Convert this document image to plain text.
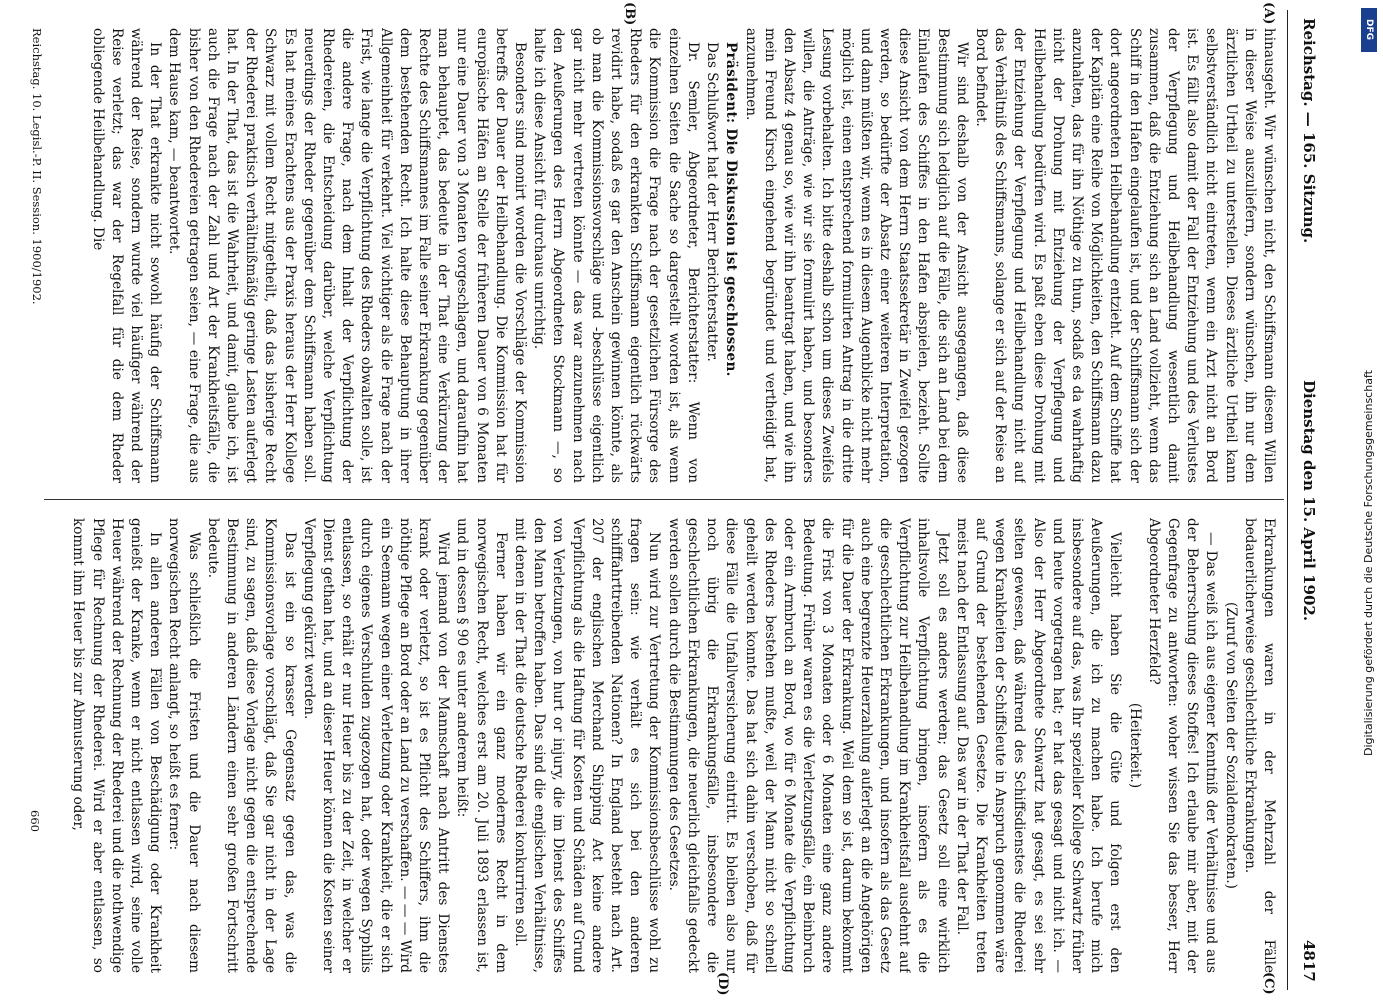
Reichstag. — 165. Sitzung.
Dienstag den 15. April 1902.
4817
(A)
(B)
(C)
(D)

hinausgeht. Wir wünschen nicht, den Schiffsmann diesem Willen in dieser Weise auszuliefern, sondern wünschen, ihn nur dem ärztlichen Urtheil zu unterstellen. Dieses ärztliche Urtheil kann selbstverständlich nicht eintreten, wenn ein Arzt nicht an Bord ist. Es fällt also damit der Fall der Entziehung und des Verlustes der Verpflegung und Heilbehandlung wesentlich damit zusammen, daß die Entziehung sich an Land vollzieht, wenn das Schiff in den Hafen eingelaufen ist, und der Schiffsmann sich der dort angeordneten Heilbehandlung entzieht. Auf dem Schiffe hat der Kapitän eine Reihe von Möglichkeiten, den Schiffsmann dazu anzuhalten, das für ihn Nöthige zu thun, sodaß es da wahrhaftig nicht der Drohung mit Entziehung der Verpflegung und Heilbehandlung bedürfen wird. Es paßt eben diese Drohung mit der Entziehung der Verpflegung und Heilbehandlung nicht auf das Verhältniß des Schiffsmanns, solange er sich auf der Reise an Bord befindet.

Wir sind deshalb von der Ansicht ausgegangen, daß diese Bestimmung sich lediglich auf die Fälle, die sich an Land bei dem Einlaufen des Schiffes in den Hafen abspielen, bezieht. Sollte diese Ansicht von dem Herrn Staatssekretär in Zweifel gezogen werden, so bedürfte der Absatz einer weiteren Interpretation, und dann müßten wir, wenn es in diesem Augenblicke nicht mehr möglich ist, einen entsprechend formulirten Antrag in die dritte Lesung vorbehalten. Ich bitte deshalb schon um dieses Zweifels willen, die Anträge, wie wir sie formulirt haben, und besonders den Absatz 4 genau so, wie wir ihn beantragt haben, und wie ihn mein Freund Kirsch eingehend begründet und vertheidigt hat, anzunehmen.

Präsident: Die Diskussion ist geschlossen.

Das Schlußwort hat der Herr Berichterstatter.

Dr. Semler, Abgeordneter, Berichterstatter: Wenn von einzelnen Seiten die Sache so dargestellt worden ist, als wenn die Kommission die Frage nach der gesetzlichen Fürsorge des Rheders für den erkrankten Schiffsmann eigentlich rückwärts revidirt habe, sodaß es gar den Anschein gewinnen könnte, als ob man die Kommissionsvorschläge und -beschlüsse eigentlich gar nicht mehr vertreten könnte — das war anzunehmen nach den Aeußerungen des Herrn Abgeordneten Stockmann —, so halte ich diese Ansicht für durchaus unrichtig.

Besonders sind monirt worden die Vorschläge der Kommission betreffs der Dauer der Heilbehandlung. Die Kommission hat für europäische Häfen an Stelle der früheren Dauer von 6 Monaten nur eine Dauer von 3 Monaten vorgeschlagen, und daraufhin hat man behauptet, das bedeute in der That eine Verkürzung der Rechte des Schiffsmannes im Falle seiner Erkrankung gegenüber dem bestehenden Recht. Ich halte diese Behauptung in ihrer Allgemeinheit für verkehrt. Viel wichtiger als die Frage nach der Frist, wie lange die Verpflichtung des Rheders obwalten solle, ist die andere Frage, nach dem Inhalt der Verpflichtung der Rhedereien, die Entscheidung darüber, welche Verpflichtung neuerdings der Rheder gegenüber dem Schiffsmann haben soll. Es hat meines Erachtens aus der Praxis heraus der Herr Kollege Schwarz mit vollem Recht mitgetheilt, daß das bisherige Recht der Rhederei praktisch verhältnißmäßig geringe Lasten auferlegt hat. In der That, das ist die Wahrheit, und damit, glaube ich, ist auch die Frage nach der Zahl und Art der Krankheitsfälle, die bisher von den Rhedereien getragen seien, — eine Frage, die aus dem Hause kam, — beantwortet.

In der That erkrankte nicht sowohl häufig der Schiffsmann während der Reise, sondern wurde viel häufiger während der Reise verletzt; das war der Regelfall für die dem Rheder obliegende Heilbehandlung. Die

Erkrankungen waren in der Mehrzahl der Fälle bedauerlicherweise geschlechtliche Erkrankungen.

(Zuruf von Seiten der Sozialdemokraten.)

— Das weiß ich aus eigener Kenntniß der Verhältnisse und aus der Beherrschung dieses Stoffes! Ich erlaube mir aber, mit der Gegenfrage zu antworten: woher wissen Sie das besser, Herr Abgeordneter Herzfeld?

(Heiterkeit.)

Vielleicht haben Sie die Güte und folgen erst den Aeußerungen, die ich zu machen habe. Ich berufe mich insbesondere auf das, was Ihr spezieller Kollege Schwartz früher und heute vorgetragen hat; er hat das gesagt und nicht ich. — Also der Herr Abgeordnete Schwartz hat gesagt, es sei sehr selten gewesen, daß während des Schiffsdienstes die Rhederei wegen Krankheiten der Schiffsleute in Anspruch genommen wäre auf Grund der bestehenden Gesetze. Die Krankheiten treten meist nach der Entlassung auf. Das war in der That der Fall.

Jetzt soll es anders werden; das Gesetz soll eine wirklich inhaltsvolle Verpflichtung bringen, insofern als es die Verpflichtung zur Heilbehandlung im Krankheitsfall ausdehnt auf die geschlechtlichen Erkrankungen, und insofern als das Gesetz auch eine begrenzte Heuerzahlung auferlegt an die Angehörigen für die Dauer der Erkrankung. Weil dem so ist, darum bekommt die Frist von 3 Monaten oder 6 Monaten eine ganz andere Bedeutung. Früher waren es die Verletzungsfälle, ein Beinbruch oder ein Armbruch an Bord, wo für 6 Monate die Verpflichtung des Rheders bestehen mußte, weil der Mann nicht so schnell geheilt werden konnte. Das hat sich dahin verschoben, daß für diese Fälle die Unfallversicherung eintritt. Es bleiben also nur noch übrig die Erkrankungsfälle, insbesondere die geschlechtlichen Erkrankungen, die neuerlich gleichfalls gedeckt werden sollen durch die Bestimmungen des Gesetzes.

Nun wird zur Vertretung der Kommissionsbeschlüsse wohl zu fragen sein: wie verhält es sich bei den anderen schifffahrttreibenden Nationen? In England besteht nach Art. 207 der englischen Merchand Shipping Act keine andere Verpflichtung als die Haftung für Kosten und Schäden auf Grund von Verletzungen, von hurt or injury, die im Dienst des Schiffes den Mann betroffen haben. Das sind die englischen Verhältnisse, mit denen in der That die deutsche Rhederei konkurriren soll.

Ferner haben wir ein ganz modernes Recht in dem norwegischen Recht, welches erst am 20. Juli 1893 erlassen ist, und in dessen § 90 es unter anderem heißt:

Wird jemand von der Mannschaft nach Antritt des Dienstes krank oder verletzt, so ist es Pflicht des Schiffers, ihm die nöthige Pflege an Bord oder an Land zu verschaffen. — — — Wird ein Seemann wegen einer Verletzung oder Krankheit, die er sich durch eigenes Verschulden zugezogen hat, oder wegen Syphilis entlassen, so erhält er nur Heuer bis zu der Zeit, in welcher er Dienst gethan hat, und an dieser Heuer können die Kosten seiner Verpflegung gekürzt werden.

Das ist ein so krasser Gegensatz gegen das, was die Kommissionsvorlage vorschlägt, daß Sie gar nicht in der Lage sind, zu sagen, daß diese Vorlage nicht gegen die entsprechende Bestimmung in anderen Ländern einen sehr großen Fortschritt bedeute.

Was schließlich die Fristen und die Dauer nach diesem norwegischen Recht anlangt, so heißt es ferner:

In allen anderen Fällen von Beschädigung oder Krankheit genießt der Kranke, wenn er nicht entlassen wird, seine volle Heuer während der Rechnung der Rhederei und die nothwendige Pflege für Rechnung der Rhederei. Wird er aber entlassen, so kommt ihm Heuer bis zur Abmusterung oder,

Reichstag. 10. Legisl.-P. II. Session. 1900/1902.
660
DFG
Digitalisierung gefördert durch die Deutsche Forschungsgemeinschaft
